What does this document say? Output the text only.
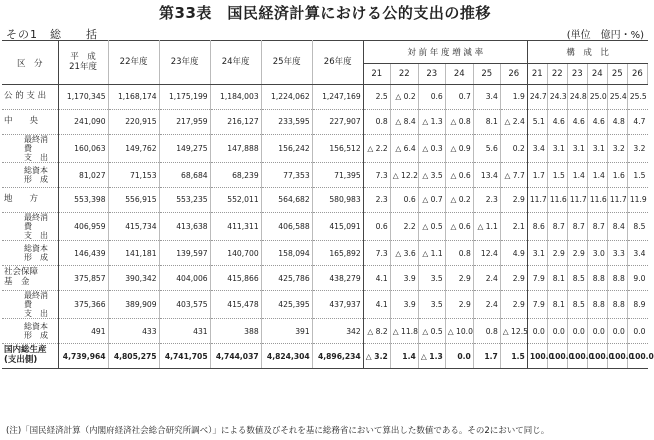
第33表　国民経済計算における公的支出の推移
その1　総　　括	(単位　億円・%)
区　分	平　成
21年度	22年度	23年度	24年度	25年度	26年度	対 前 年 度 増 減 率						構　成　比					
							21	22	23	24	25	26	21	22	23	24	25	26
公 的 支 出	1,170,345	1,168,174	1,175,199	1,184,003	1,224,062	1,247,169	2.5	△ 0.2	0.6	0.7	3.4	1.9	24.7	24.3	24.8	25.0	25.4	25.5
中　　央	241,090	220,915	217,959	216,127	233,595	227,907	0.8	△ 8.4	△ 1.3	△ 0.8	8.1	△ 2.4	5.1	4.6	4.6	4.6	4.8	4.7
最終消費
支　出	160,063	149,762	149,275	147,888	156,242	156,512	△ 2.2	△ 6.4	△ 0.3	△ 0.9	5.6	0.2	3.4	3.1	3.1	3.1	3.2	3.2
総資本
形　成	81,027	71,153	68,684	68,239	77,353	71,395	7.3	△ 12.2	△ 3.5	△ 0.6	13.4	△ 7.7	1.7	1.5	1.4	1.4	1.6	1.5
地　　方	553,398	556,915	553,235	552,011	564,682	580,983	2.3	0.6	△ 0.7	△ 0.2	2.3	2.9	11.7	11.6	11.7	11.6	11.7	11.9
最終消費
支　出	406,959	415,734	413,638	411,311	406,588	415,091	0.6	2.2	△ 0.5	△ 0.6	△ 1.1	2.1	8.6	8.7	8.7	8.7	8.4	8.5
総資本
形　成	146,439	141,181	139,597	140,700	158,094	165,892	7.3	△ 3.6	△ 1.1	0.8	12.4	4.9	3.1	2.9	2.9	3.0	3.3	3.4
社会保障
基　金	375,857	390,342	404,006	415,866	425,786	438,279	4.1	3.9	3.5	2.9	2.4	2.9	7.9	8.1	8.5	8.8	8.8	9.0
最終消費
支　出	375,366	389,909	403,575	415,478	425,395	437,937	4.1	3.9	3.5	2.9	2.4	2.9	7.9	8.1	8.5	8.8	8.8	8.9
総資本
形　成	491	433	431	388	391	342	△ 8.2	△ 11.8	△ 0.5	△ 10.0	0.8	△ 12.5	0.0	0.0	0.0	0.0	0.0	0.0
国内総生産
(支出側)	4,739,964	4,805,275	4,741,705	4,744,037	4,824,304	4,896,234	△ 3.2	1.4	△ 1.3	0.0	1.7	1.5	100.0	100.0	100.0	100.0	100.0	100.0
(注)「国民経済計算（内閣府経済社会総合研究所調べ）」による数値及びそれを基に総務省において算出した数値である。その2において同じ。
